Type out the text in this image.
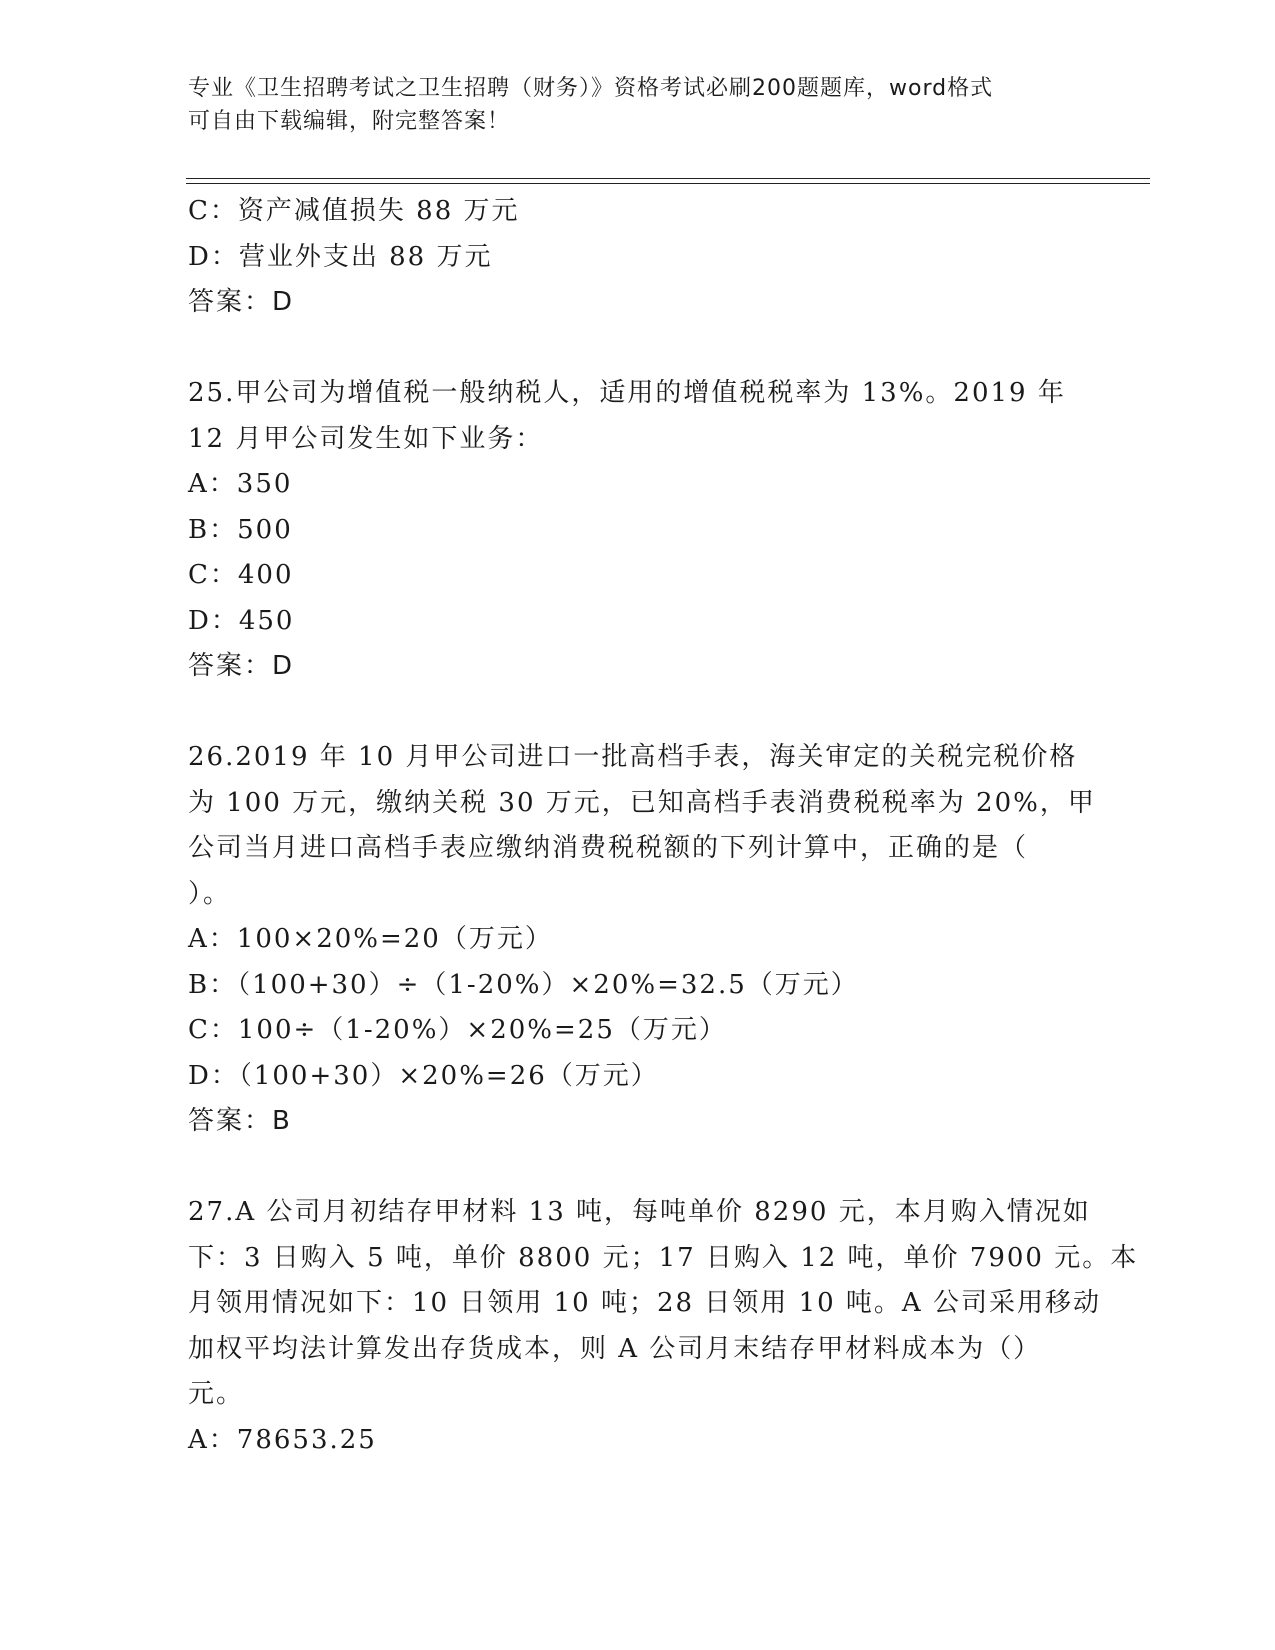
专业《卫生招聘考试之卫生招聘（财务）》资格考试必刷200题题库，word格式
可自由下载编辑，附完整答案！
C：资产减值损失 88 万元
D：营业外支出 88 万元
答案：D
25.甲公司为增值税一般纳税人，适用的增值税税率为 13%。2019 年
12 月甲公司发生如下业务：
A：350
B：500
C：400
D：450
答案：D
26.2019 年 10 月甲公司进口一批高档手表，海关审定的关税完税价格
为 100 万元，缴纳关税 30 万元，已知高档手表消费税税率为 20%，甲
公司当月进口高档手表应缴纳消费税税额的下列计算中，正确的是（
）。
A：100×20%=20（万元）
B：（100+30）÷（1-20%）×20%=32.5（万元）
C：100÷（1-20%）×20%=25（万元）
D：（100+30）×20%=26（万元）
答案：B
27.A 公司月初结存甲材料 13 吨，每吨单价 8290 元，本月购入情况如
下：3 日购入 5 吨，单价 8800 元；17 日购入 12 吨，单价 7900 元。本
月领用情况如下：10 日领用 10 吨；28 日领用 10 吨。A 公司采用移动
加权平均法计算发出存货成本，则 A 公司月末结存甲材料成本为（）
元。
A：78653.25
